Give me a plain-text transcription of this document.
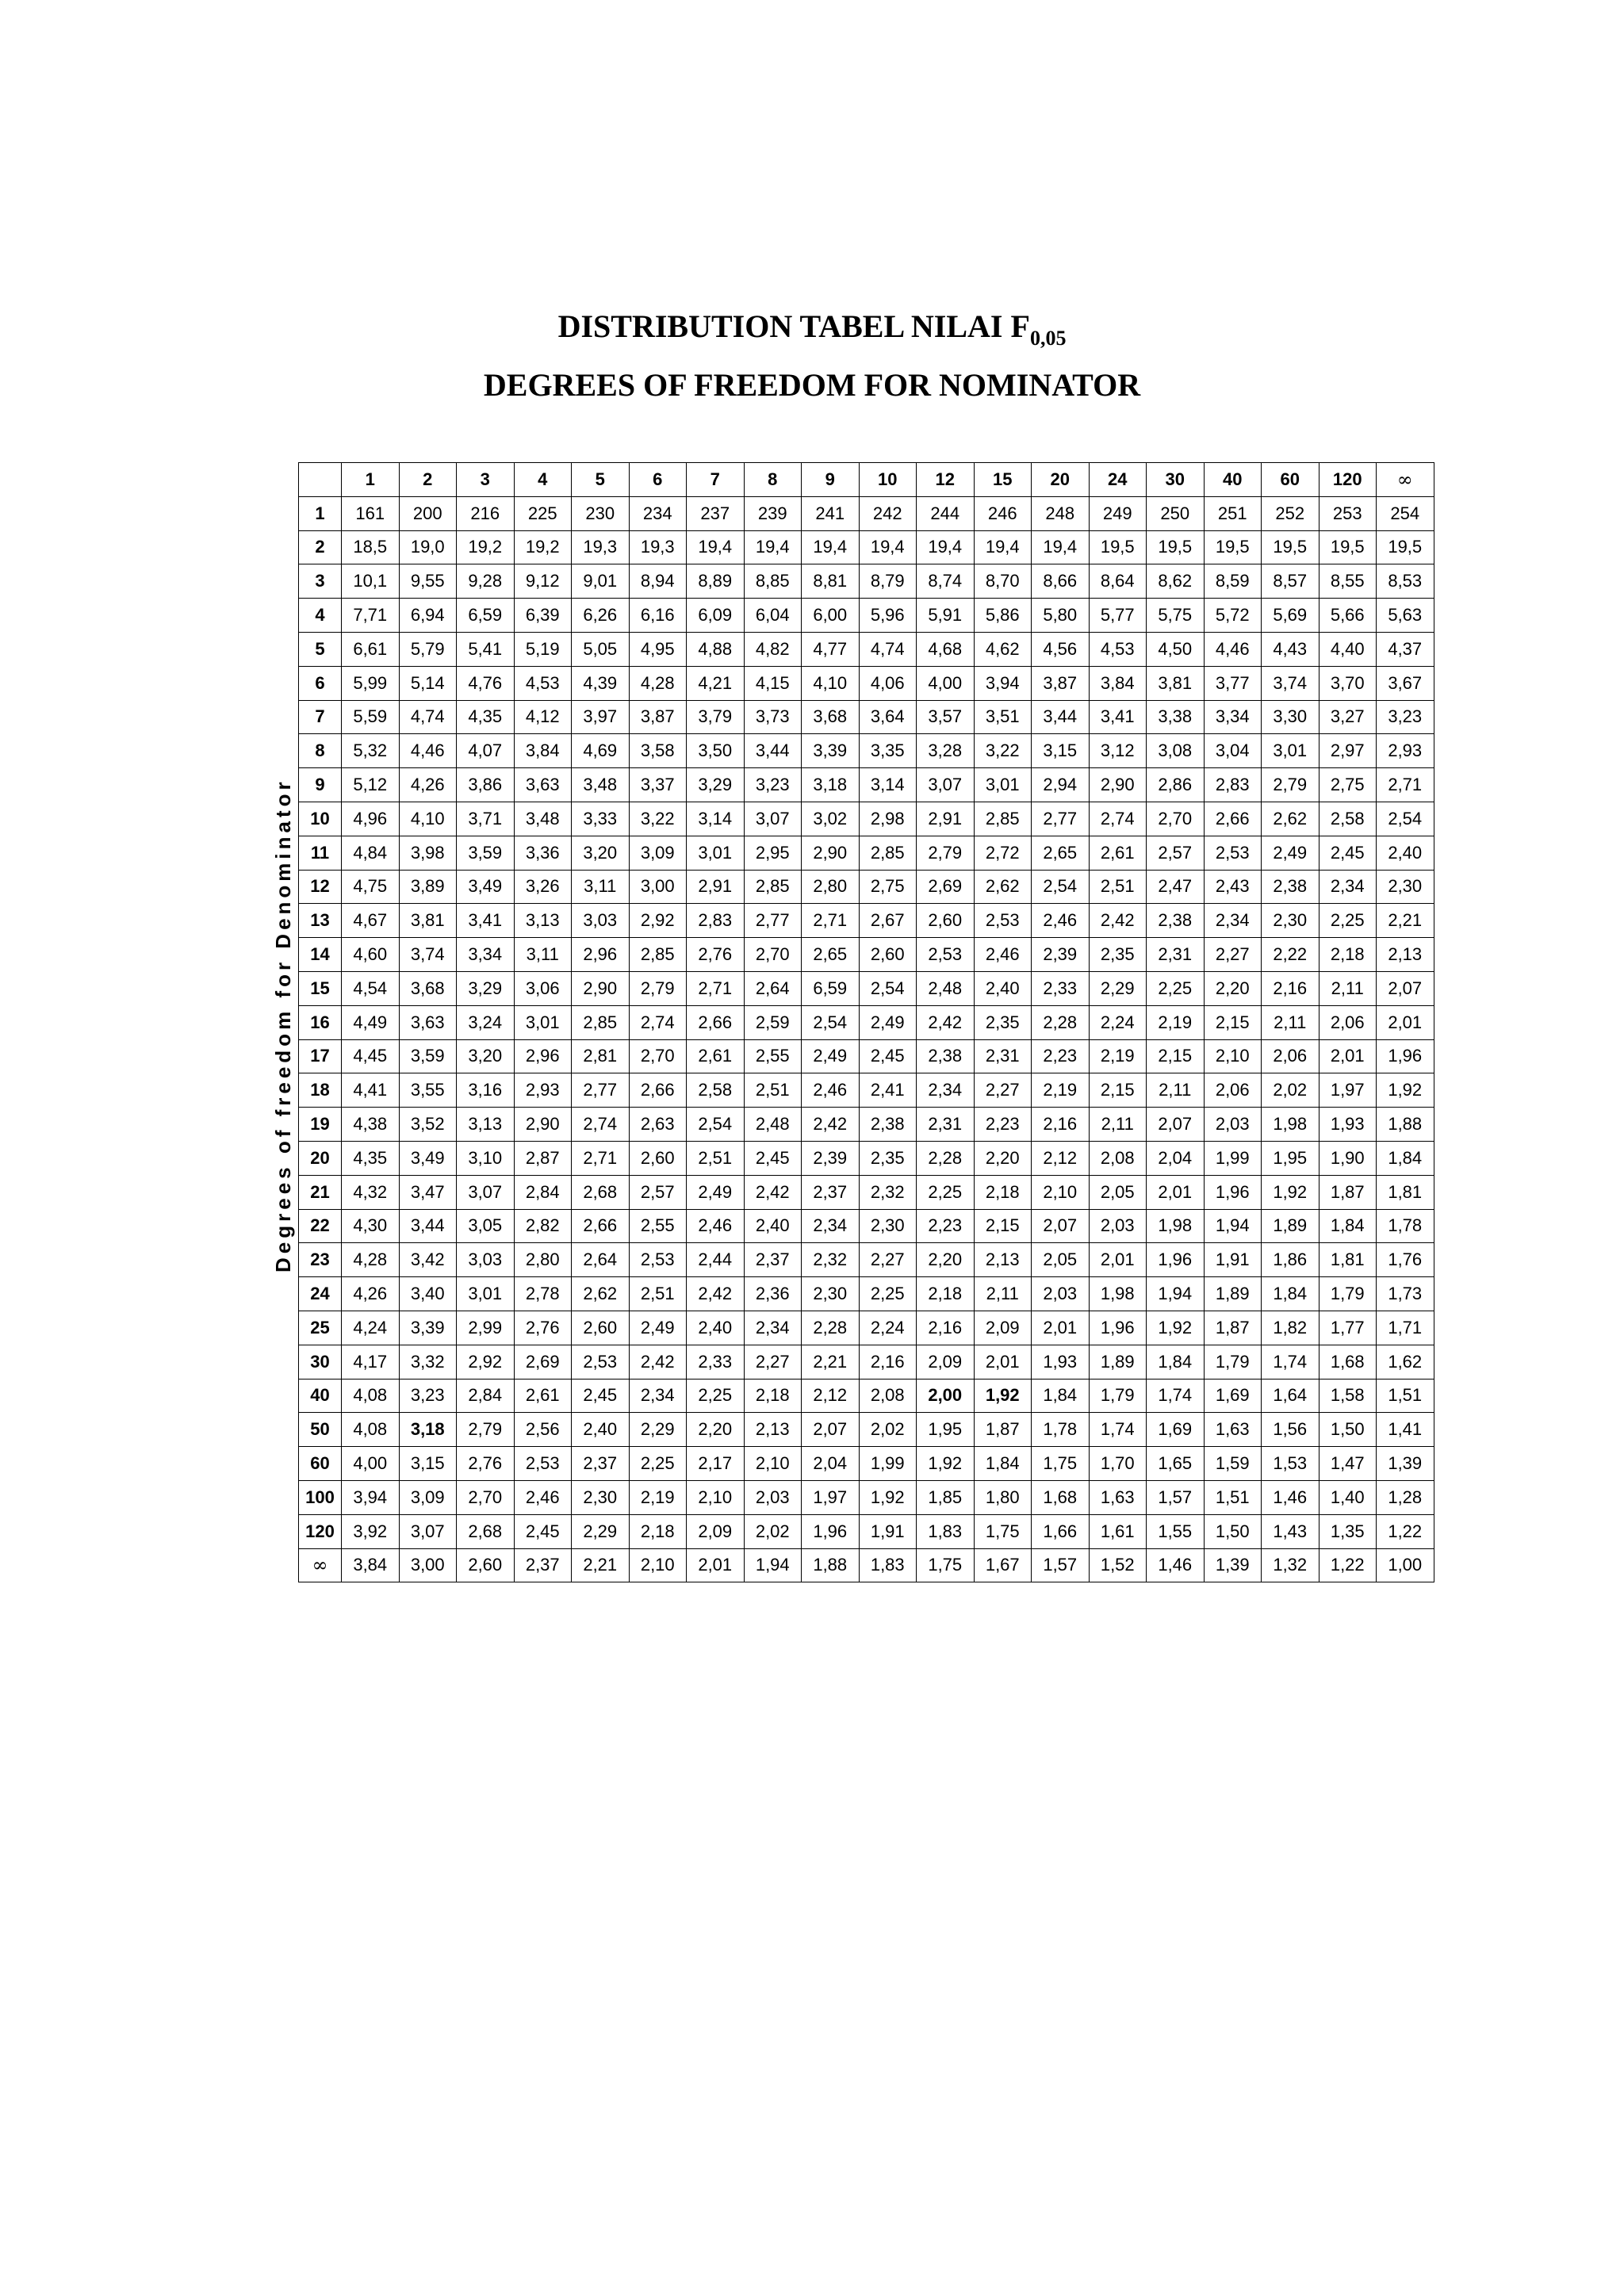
DISTRIBUTION TABEL NILAI $F_{0,05}$
DEGREES OF FREEDOM FOR NOMINATOR
Degrees of freedom for Denominator
	1	2	3	4	5	6	7	8	9	10	12	15	20	24	30	40	60	120	∞
1	161	200	216	225	230	234	237	239	241	242	244	246	248	249	250	251	252	253	254
2	18,5	19,0	19,2	19,2	19,3	19,3	19,4	19,4	19,4	19,4	19,4	19,4	19,4	19,5	19,5	19,5	19,5	19,5	19,5
3	10,1	9,55	9,28	9,12	9,01	8,94	8,89	8,85	8,81	8,79	8,74	8,70	8,66	8,64	8,62	8,59	8,57	8,55	8,53
4	7,71	6,94	6,59	6,39	6,26	6,16	6,09	6,04	6,00	5,96	5,91	5,86	5,80	5,77	5,75	5,72	5,69	5,66	5,63
5	6,61	5,79	5,41	5,19	5,05	4,95	4,88	4,82	4,77	4,74	4,68	4,62	4,56	4,53	4,50	4,46	4,43	4,40	4,37
6	5,99	5,14	4,76	4,53	4,39	4,28	4,21	4,15	4,10	4,06	4,00	3,94	3,87	3,84	3,81	3,77	3,74	3,70	3,67
7	5,59	4,74	4,35	4,12	3,97	3,87	3,79	3,73	3,68	3,64	3,57	3,51	3,44	3,41	3,38	3,34	3,30	3,27	3,23
8	5,32	4,46	4,07	3,84	4,69	3,58	3,50	3,44	3,39	3,35	3,28	3,22	3,15	3,12	3,08	3,04	3,01	2,97	2,93
9	5,12	4,26	3,86	3,63	3,48	3,37	3,29	3,23	3,18	3,14	3,07	3,01	2,94	2,90	2,86	2,83	2,79	2,75	2,71
10	4,96	4,10	3,71	3,48	3,33	3,22	3,14	3,07	3,02	2,98	2,91	2,85	2,77	2,74	2,70	2,66	2,62	2,58	2,54
11	4,84	3,98	3,59	3,36	3,20	3,09	3,01	2,95	2,90	2,85	2,79	2,72	2,65	2,61	2,57	2,53	2,49	2,45	2,40
12	4,75	3,89	3,49	3,26	3,11	3,00	2,91	2,85	2,80	2,75	2,69	2,62	2,54	2,51	2,47	2,43	2,38	2,34	2,30
13	4,67	3,81	3,41	3,13	3,03	2,92	2,83	2,77	2,71	2,67	2,60	2,53	2,46	2,42	2,38	2,34	2,30	2,25	2,21
14	4,60	3,74	3,34	3,11	2,96	2,85	2,76	2,70	2,65	2,60	2,53	2,46	2,39	2,35	2,31	2,27	2,22	2,18	2,13
15	4,54	3,68	3,29	3,06	2,90	2,79	2,71	2,64	6,59	2,54	2,48	2,40	2,33	2,29	2,25	2,20	2,16	2,11	2,07
16	4,49	3,63	3,24	3,01	2,85	2,74	2,66	2,59	2,54	2,49	2,42	2,35	2,28	2,24	2,19	2,15	2,11	2,06	2,01
17	4,45	3,59	3,20	2,96	2,81	2,70	2,61	2,55	2,49	2,45	2,38	2,31	2,23	2,19	2,15	2,10	2,06	2,01	1,96
18	4,41	3,55	3,16	2,93	2,77	2,66	2,58	2,51	2,46	2,41	2,34	2,27	2,19	2,15	2,11	2,06	2,02	1,97	1,92
19	4,38	3,52	3,13	2,90	2,74	2,63	2,54	2,48	2,42	2,38	2,31	2,23	2,16	2,11	2,07	2,03	1,98	1,93	1,88
20	4,35	3,49	3,10	2,87	2,71	2,60	2,51	2,45	2,39	2,35	2,28	2,20	2,12	2,08	2,04	1,99	1,95	1,90	1,84
21	4,32	3,47	3,07	2,84	2,68	2,57	2,49	2,42	2,37	2,32	2,25	2,18	2,10	2,05	2,01	1,96	1,92	1,87	1,81
22	4,30	3,44	3,05	2,82	2,66	2,55	2,46	2,40	2,34	2,30	2,23	2,15	2,07	2,03	1,98	1,94	1,89	1,84	1,78
23	4,28	3,42	3,03	2,80	2,64	2,53	2,44	2,37	2,32	2,27	2,20	2,13	2,05	2,01	1,96	1,91	1,86	1,81	1,76
24	4,26	3,40	3,01	2,78	2,62	2,51	2,42	2,36	2,30	2,25	2,18	2,11	2,03	1,98	1,94	1,89	1,84	1,79	1,73
25	4,24	3,39	2,99	2,76	2,60	2,49	2,40	2,34	2,28	2,24	2,16	2,09	2,01	1,96	1,92	1,87	1,82	1,77	1,71
30	4,17	3,32	2,92	2,69	2,53	2,42	2,33	2,27	2,21	2,16	2,09	2,01	1,93	1,89	1,84	1,79	1,74	1,68	1,62
40	4,08	3,23	2,84	2,61	2,45	2,34	2,25	2,18	2,12	2,08	2,00	1,92	1,84	1,79	1,74	1,69	1,64	1,58	1,51
50	4,08	3,18	2,79	2,56	2,40	2,29	2,20	2,13	2,07	2,02	1,95	1,87	1,78	1,74	1,69	1,63	1,56	1,50	1,41
60	4,00	3,15	2,76	2,53	2,37	2,25	2,17	2,10	2,04	1,99	1,92	1,84	1,75	1,70	1,65	1,59	1,53	1,47	1,39
100	3,94	3,09	2,70	2,46	2,30	2,19	2,10	2,03	1,97	1,92	1,85	1,80	1,68	1,63	1,57	1,51	1,46	1,40	1,28
120	3,92	3,07	2,68	2,45	2,29	2,18	2,09	2,02	1,96	1,91	1,83	1,75	1,66	1,61	1,55	1,50	1,43	1,35	1,22
∞	3,84	3,00	2,60	2,37	2,21	2,10	2,01	1,94	1,88	1,83	1,75	1,67	1,57	1,52	1,46	1,39	1,32	1,22	1,00
